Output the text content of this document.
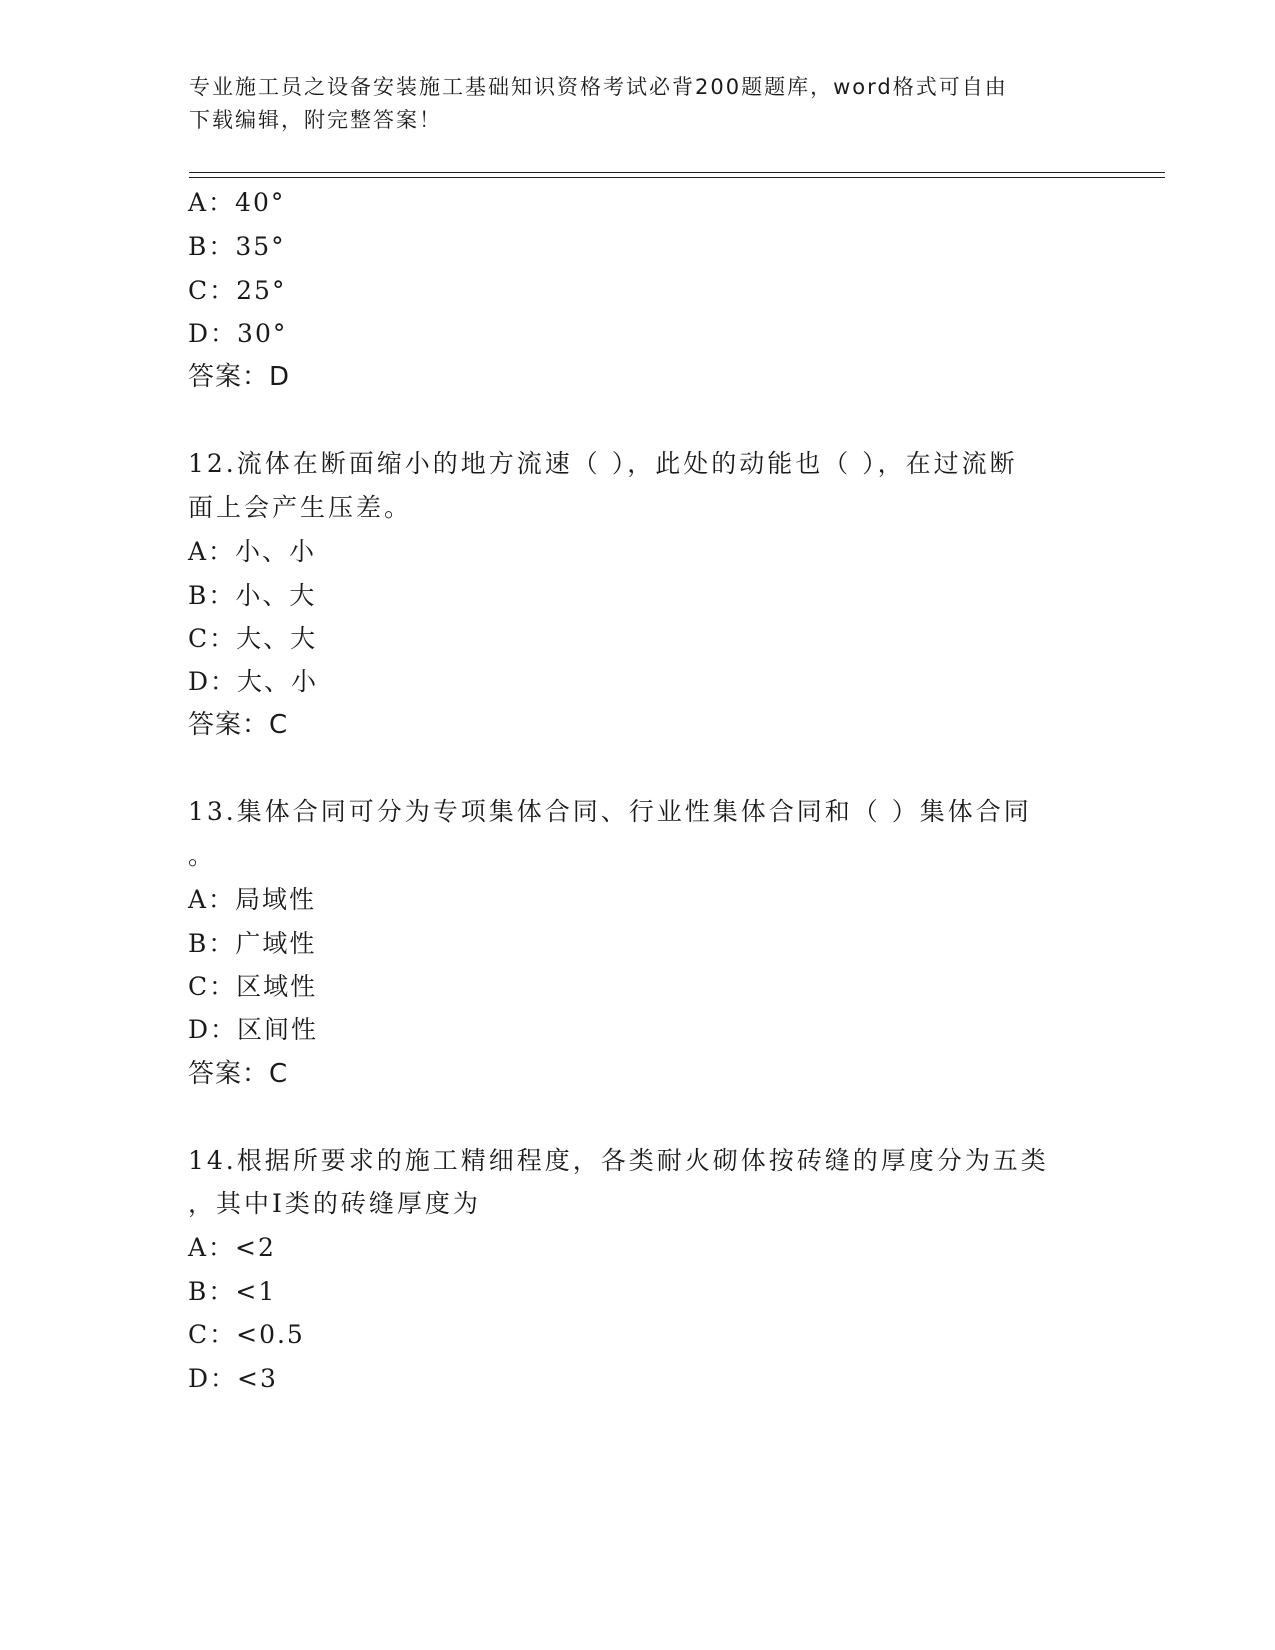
专业施工员之设备安装施工基础知识资格考试必背200题题库，word格式可自由
下载编辑，附完整答案！
A：40°
B：35°
C：25°
D：30°
答案：D
12.流体在断面缩小的地方流速（ ），此处的动能也（ ），在过流断
面上会产生压差。
A：小、小
B：小、大
C：大、大
D：大、小
答案：C
13.集体合同可分为专项集体合同、行业性集体合同和（ ）集体合同
。
A：局域性
B：广域性
C：区域性
D：区间性
答案：C
14.根据所要求的施工精细程度，各类耐火砌体按砖缝的厚度分为五类
，其中Ⅰ类的砖缝厚度为
A：<2
B：<1
C：<0.5
D：<3
